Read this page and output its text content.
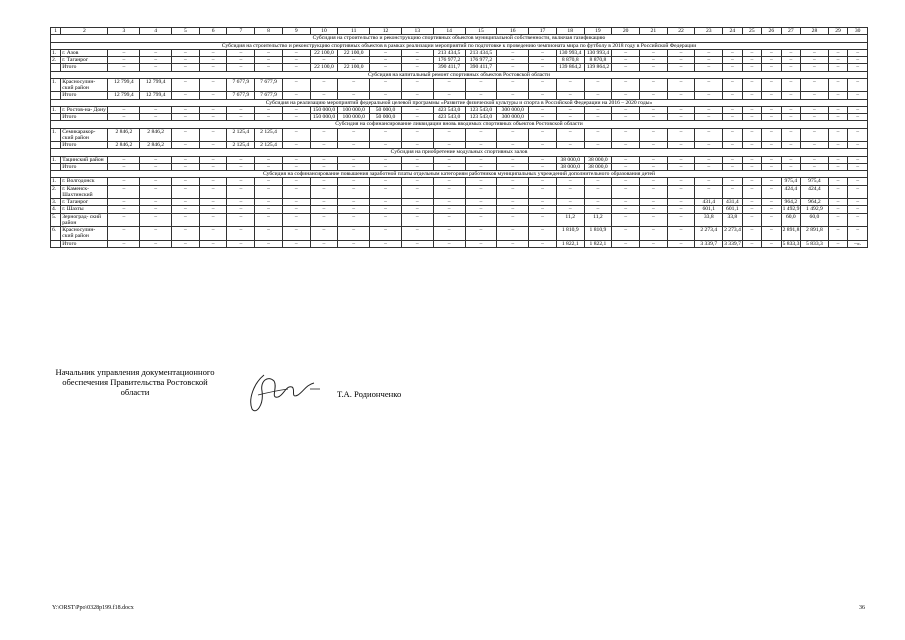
1	2	3	4	5	6	7	8	9	10	11	12	13	14	15	16	17	18	19	20	21	22	23	24	25	26	27	28	29	30
Субсидия на строительство и реконструкцию спортивных объектов муниципальной собственности, включая газификацию																													
Субсидия на строительство и реконструкцию спортивных объектов в рамках реализации мероприятий по подготовке к проведению чемпионата мира по футболу в 2018 году в Российской Федерации																													
1.	г. Азов	–	–	–	–	–	–	–	22 100,0	22 100,0	–	–	213 434,5	213 434,5	–	–	130 993,4	130 993,4	–	–	–	–	–	–	–	–	–	–	–
2.	г. Таганрог	–	–	–	–	–	–	–	–	–	–	–	176 977,2	176 977,2	–	–	8 870,8	8 870,8	–	–	–	–	–	–	–	–	–	–	–
	Итого	–	–	–	–	–	–	–	22 100,0	22 100,0	–	–	390 411,7	390 411,7	–	–	139 864,2	139 864,2	–	–	–	–	–	–	–	–	–	–	–
Субсидия на капитальный ремонт спортивных объектов Ростовской области																													
1.	Красносулин- ский район	12 799,4	12 799,4	–	–	7 677,9	7 677,9	–	–	–	–	–	–	–	–	–	–	–	–	–	–	–	–	–	–	–	–	–	–
	Итого	12 799,4	12 799,4	–	–	7 677,9	7 677,9	–	–	–	–	–	–	–	–	–	–	–	–	–	–	–	–	–	–	–	–	–	–
Субсидия на реализацию мероприятий федеральной целевой программы «Развитие физической культуры и спорта в Российской Федерации на 2016 – 2020 годы»																													
1.	г. Ростов-на- Дону	–	–	–	–	–	–	–	150 000,0	100 000,0	50 000,0	–	423 543,0	123 543,0	300 000,0	–	–	–	–	–	–	–	–	–	–	–	–	–	–
	Итого	–	–	–	–	–	–	–	150 000,0	100 000,0	50 000,0	–	423 543,0	123 543,0	300 000,0	–	–	–	–	–	–	–	–	–	–	–	–	–	–
Субсидия на софинансирование ликвидации вновь вводимых спортивных объектов Ростовской области																													
1.	Семикаракор- ский район	2 846,2	2 846,2	–	–	2 125,4	2 125,4	–	–	–	–	–	–	–	–	–	–	–	–	–	–	–	–	–	–	–	–	–	–
	Итого	2 846,2	2 846,2	–	–	2 125,4	2 125,4	–	–	–	–	–	–	–	–	–	–	–	–	–	–	–	–	–	–	–	–	–	–
Субсидия на приобретение модульных спортивных залов																													
1.	Тацинский район	–	–	–	–	–	–	–	–	–	–	–	–	–	–	–	38 000,0	38 000,0	–	–	–	–	–	–	–	–	–	–	–
	Итого	–	–	–	–	–	–	–	–	–	–	–	–	–	–	–	38 000,0	38 000,0	–	–	–	–	–	–	–	–	–	–	–
Субсидия на софинансирование повышения заработной платы отдельным категориям работников муниципальных учреждений дополнительного образования детей																													
1.	г. Волгодонск	–	–	–	–	–	–	–	–	–	–	–	–	–	–	–	–	–	–	–	–	–	–	–	–	975,4	975,4	–	–
2.	г. Каменск- Шахтинский	–	–	–	–	–	–	–	–	–	–	–	–	–	–	–	–	–	–	–	–	–	–	–	–	424,4	424,4	–	–
3.	г. Таганрог	–	–	–	–	–	–	–	–	–	–	–	–	–	–	–	–	–	–	–	–	431,4	431,4	–	–	964,2	964,2	–	–
4.	г. Шахты	–	–	–	–	–	–	–	–	–	–	–	–	–	–	–	–	–	–	–	–	601,1	601,1	–	–	1 492,9	1 492,9	–	–
5.	Зерноград- ский район	–	–	–	–	–	–	–	–	–	–	–	–	–	–	–	11,2	11,2	–	–	–	33,8	33,8	–	–	60,0	60,0	–	–
6.	Красносулин- ский район	–	–	–	–	–	–	–	–	–	–	–	–	–	–	–	1 810,9	1 810,9	–	–	–	2 273,4	2 273,4	–	–	2 891,8	2 891,8	–	–
	Итого	–	–	–	–	–	–	–	–	–	–	–	–	–	–	–	1 822,1	1 822,1	–	–	–	3 339,7	3 339,7	–	–	5 833,3	5 833,3	–	–».
Начальник управления документационного обеспечения Правительства Ростовской области	Т.А. Родионченко
Y:\ORST\Ppo\0328p199.f18.docx	36
